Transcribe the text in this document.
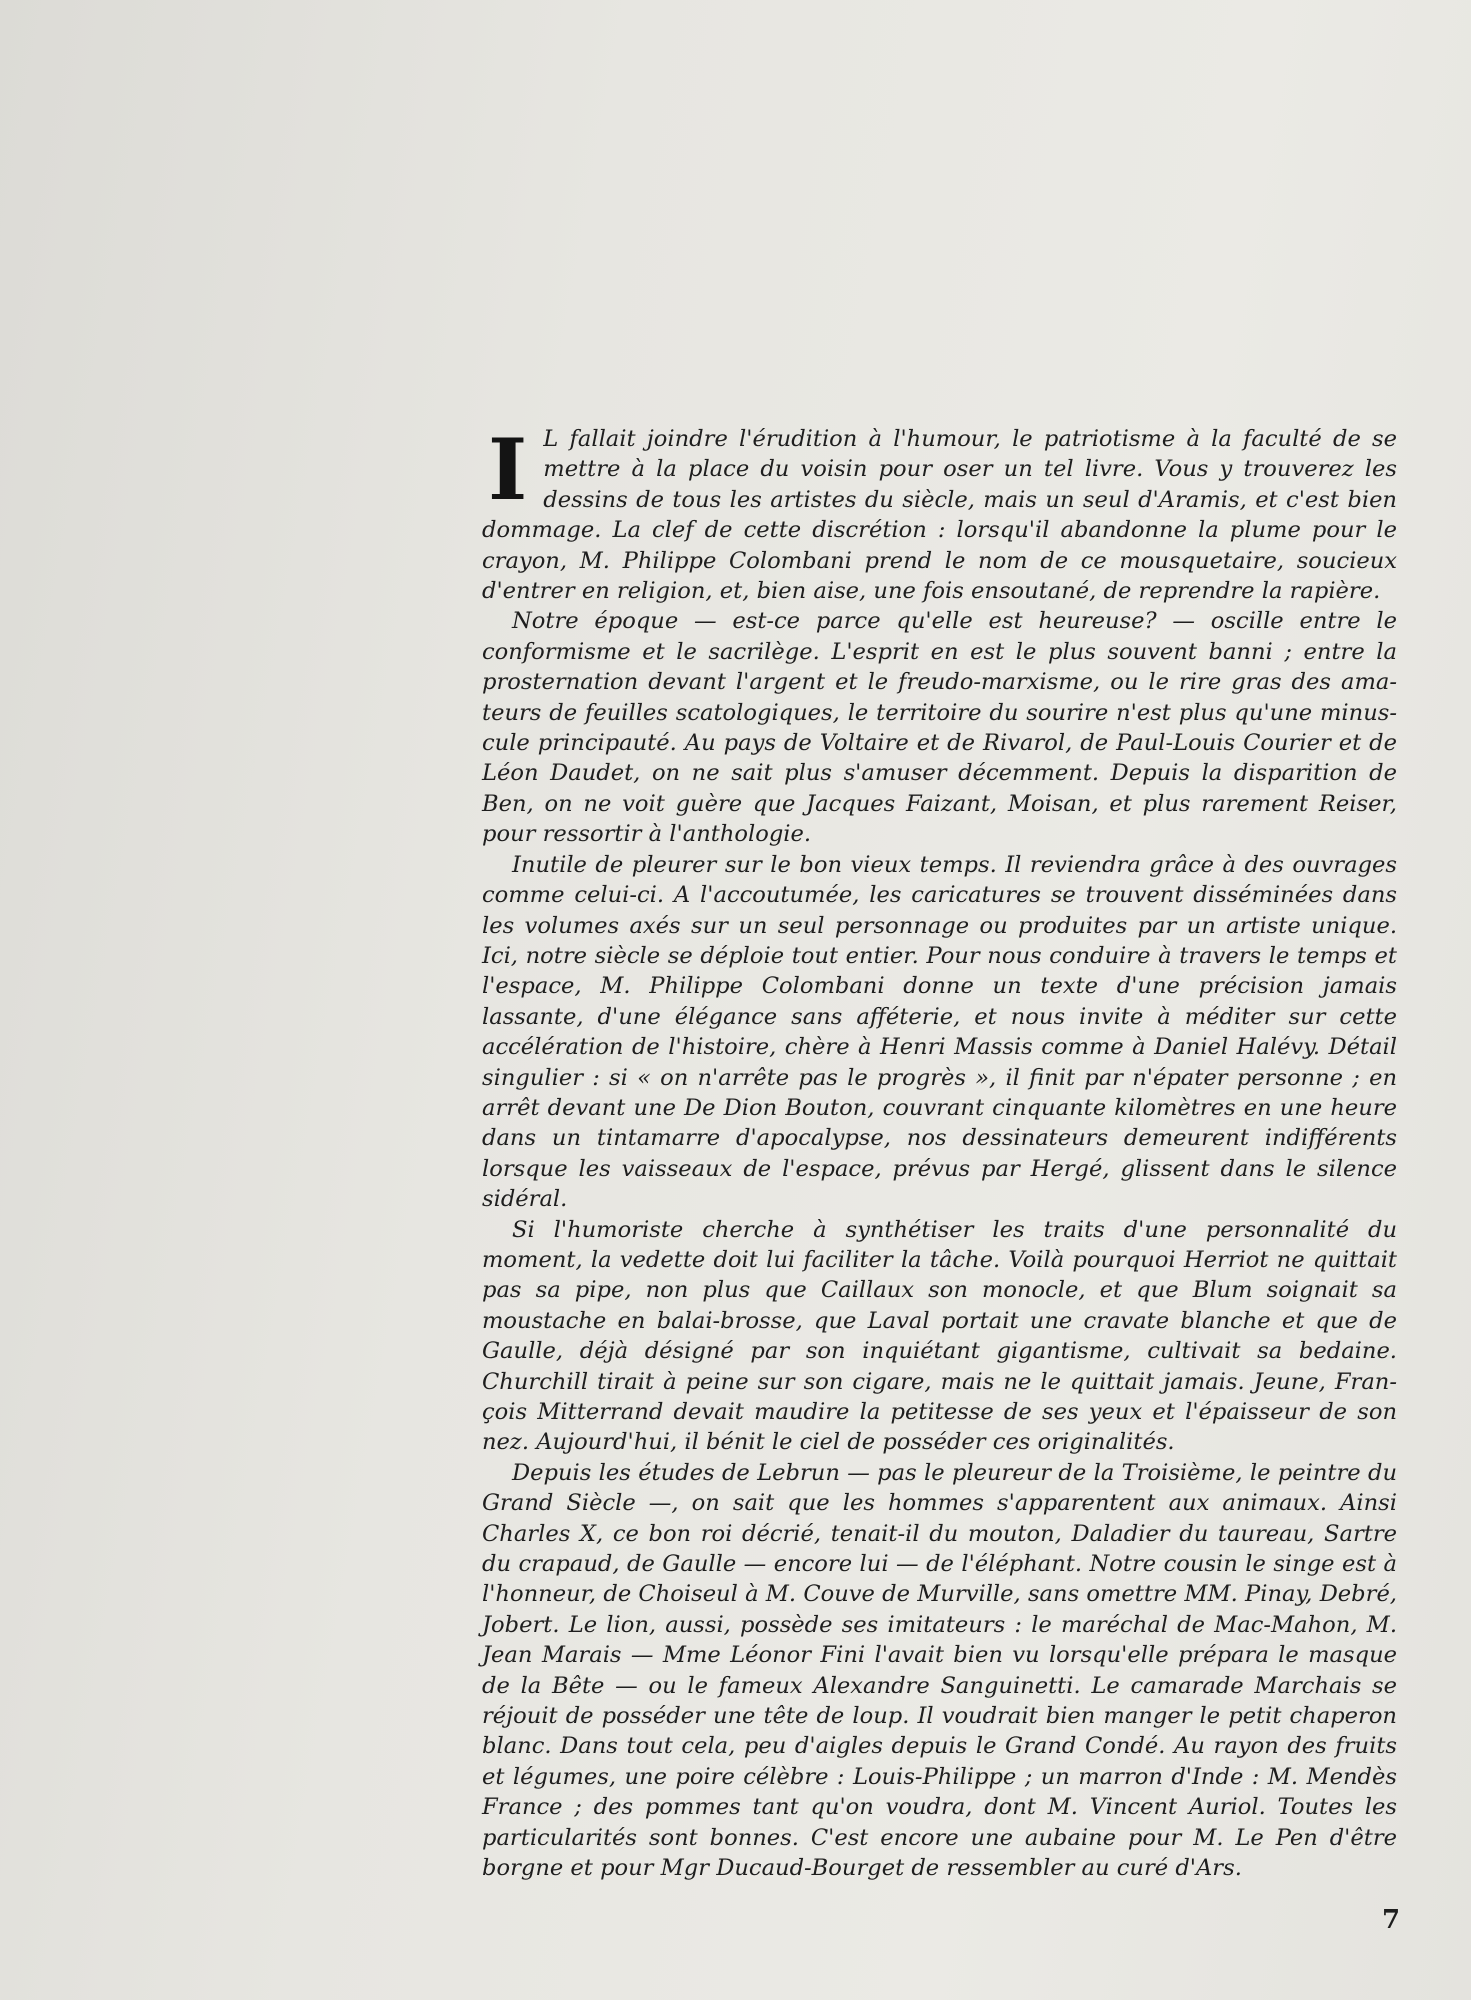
I L fallait joindre l'érudition à l'humour, le patriotisme à la faculté de se mettre à la place du voisin pour oser un tel livre. Vous y trouverez les dessins de tous les artistes du siècle, mais un seul d'Aramis, et c'est bien dommage. La clef de cette discrétion : lorsqu'il abandonne la plume pour le crayon, M. Philippe Colombani prend le nom de ce mousquetaire, soucieux d'entrer en religion, et, bien aise, une fois ensoutané, de reprendre la rapière.

Notre époque — est-ce parce qu'elle est heureuse? — oscille entre le conformisme et le sacrilège. L'esprit en est le plus souvent banni ; entre la prosternation devant l'argent et le freudo-marxisme, ou le rire gras des amateurs de feuilles scatologiques, le territoire du sourire n'est plus qu'une minuscule principauté. Au pays de Voltaire et de Rivarol, de Paul-Louis Courier et de Léon Daudet, on ne sait plus s'amuser décemment. Depuis la disparition de Ben, on ne voit guère que Jacques Faizant, Moisan, et plus rarement Reiser, pour ressortir à l'anthologie.

Inutile de pleurer sur le bon vieux temps. Il reviendra grâce à des ouvrages comme celui-ci. A l'accoutumée, les caricatures se trouvent disséminées dans les volumes axés sur un seul personnage ou produites par un artiste unique. Ici, notre siècle se déploie tout entier. Pour nous conduire à travers le temps et l'espace, M. Philippe Colombani donne un texte d'une précision jamais lassante, d'une élégance sans afféterie, et nous invite à méditer sur cette accélération de l'histoire, chère à Henri Massis comme à Daniel Halévy. Détail singulier : si « on n'arrête pas le progrès », il finit par n'épater personne ; en arrêt devant une De Dion Bouton, couvrant cinquante kilomètres en une heure dans un tintamarre d'apocalypse, nos dessinateurs demeurent indifférents lorsque les vaisseaux de l'espace, prévus par Hergé, glissent dans le silence sidéral.

Si l'humoriste cherche à synthétiser les traits d'une personnalité du moment, la vedette doit lui faciliter la tâche. Voilà pourquoi Herriot ne quittait pas sa pipe, non plus que Caillaux son monocle, et que Blum soignait sa moustache en balai-brosse, que Laval portait une cravate blanche et que de Gaulle, déjà désigné par son inquiétant gigantisme, cultivait sa bedaine. Churchill tirait à peine sur son cigare, mais ne le quittait jamais. Jeune, François Mitterrand devait maudire la petitesse de ses yeux et l'épaisseur de son nez. Aujourd'hui, il bénit le ciel de posséder ces originalités.

Depuis les études de Lebrun — pas le pleureur de la Troisième, le peintre du Grand Siècle —, on sait que les hommes s'apparentent aux animaux. Ainsi Charles X, ce bon roi décrié, tenait-il du mouton, Daladier du taureau, Sartre du crapaud, de Gaulle — encore lui — de l'éléphant. Notre cousin le singe est à l'honneur, de Choiseul à M. Couve de Murville, sans omettre MM. Pinay, Debré, Jobert. Le lion, aussi, possède ses imitateurs : le maréchal de Mac-Mahon, M. Jean Marais — Mme Léonor Fini l'avait bien vu lorsqu'elle prépara le masque de la Bête — ou le fameux Alexandre Sanguinetti. Le camarade Marchais se réjouit de posséder une tête de loup. Il voudrait bien manger le petit chaperon blanc. Dans tout cela, peu d'aigles depuis le Grand Condé. Au rayon des fruits et légumes, une poire célèbre : Louis-Philippe ; un marron d'Inde : M. Mendès France ; des pommes tant qu'on voudra, dont M. Vincent Auriol. Toutes les particularités sont bonnes. C'est encore une aubaine pour M. Le Pen d'être borgne et pour Mgr Ducaud-Bourget de ressembler au curé d'Ars.

7
